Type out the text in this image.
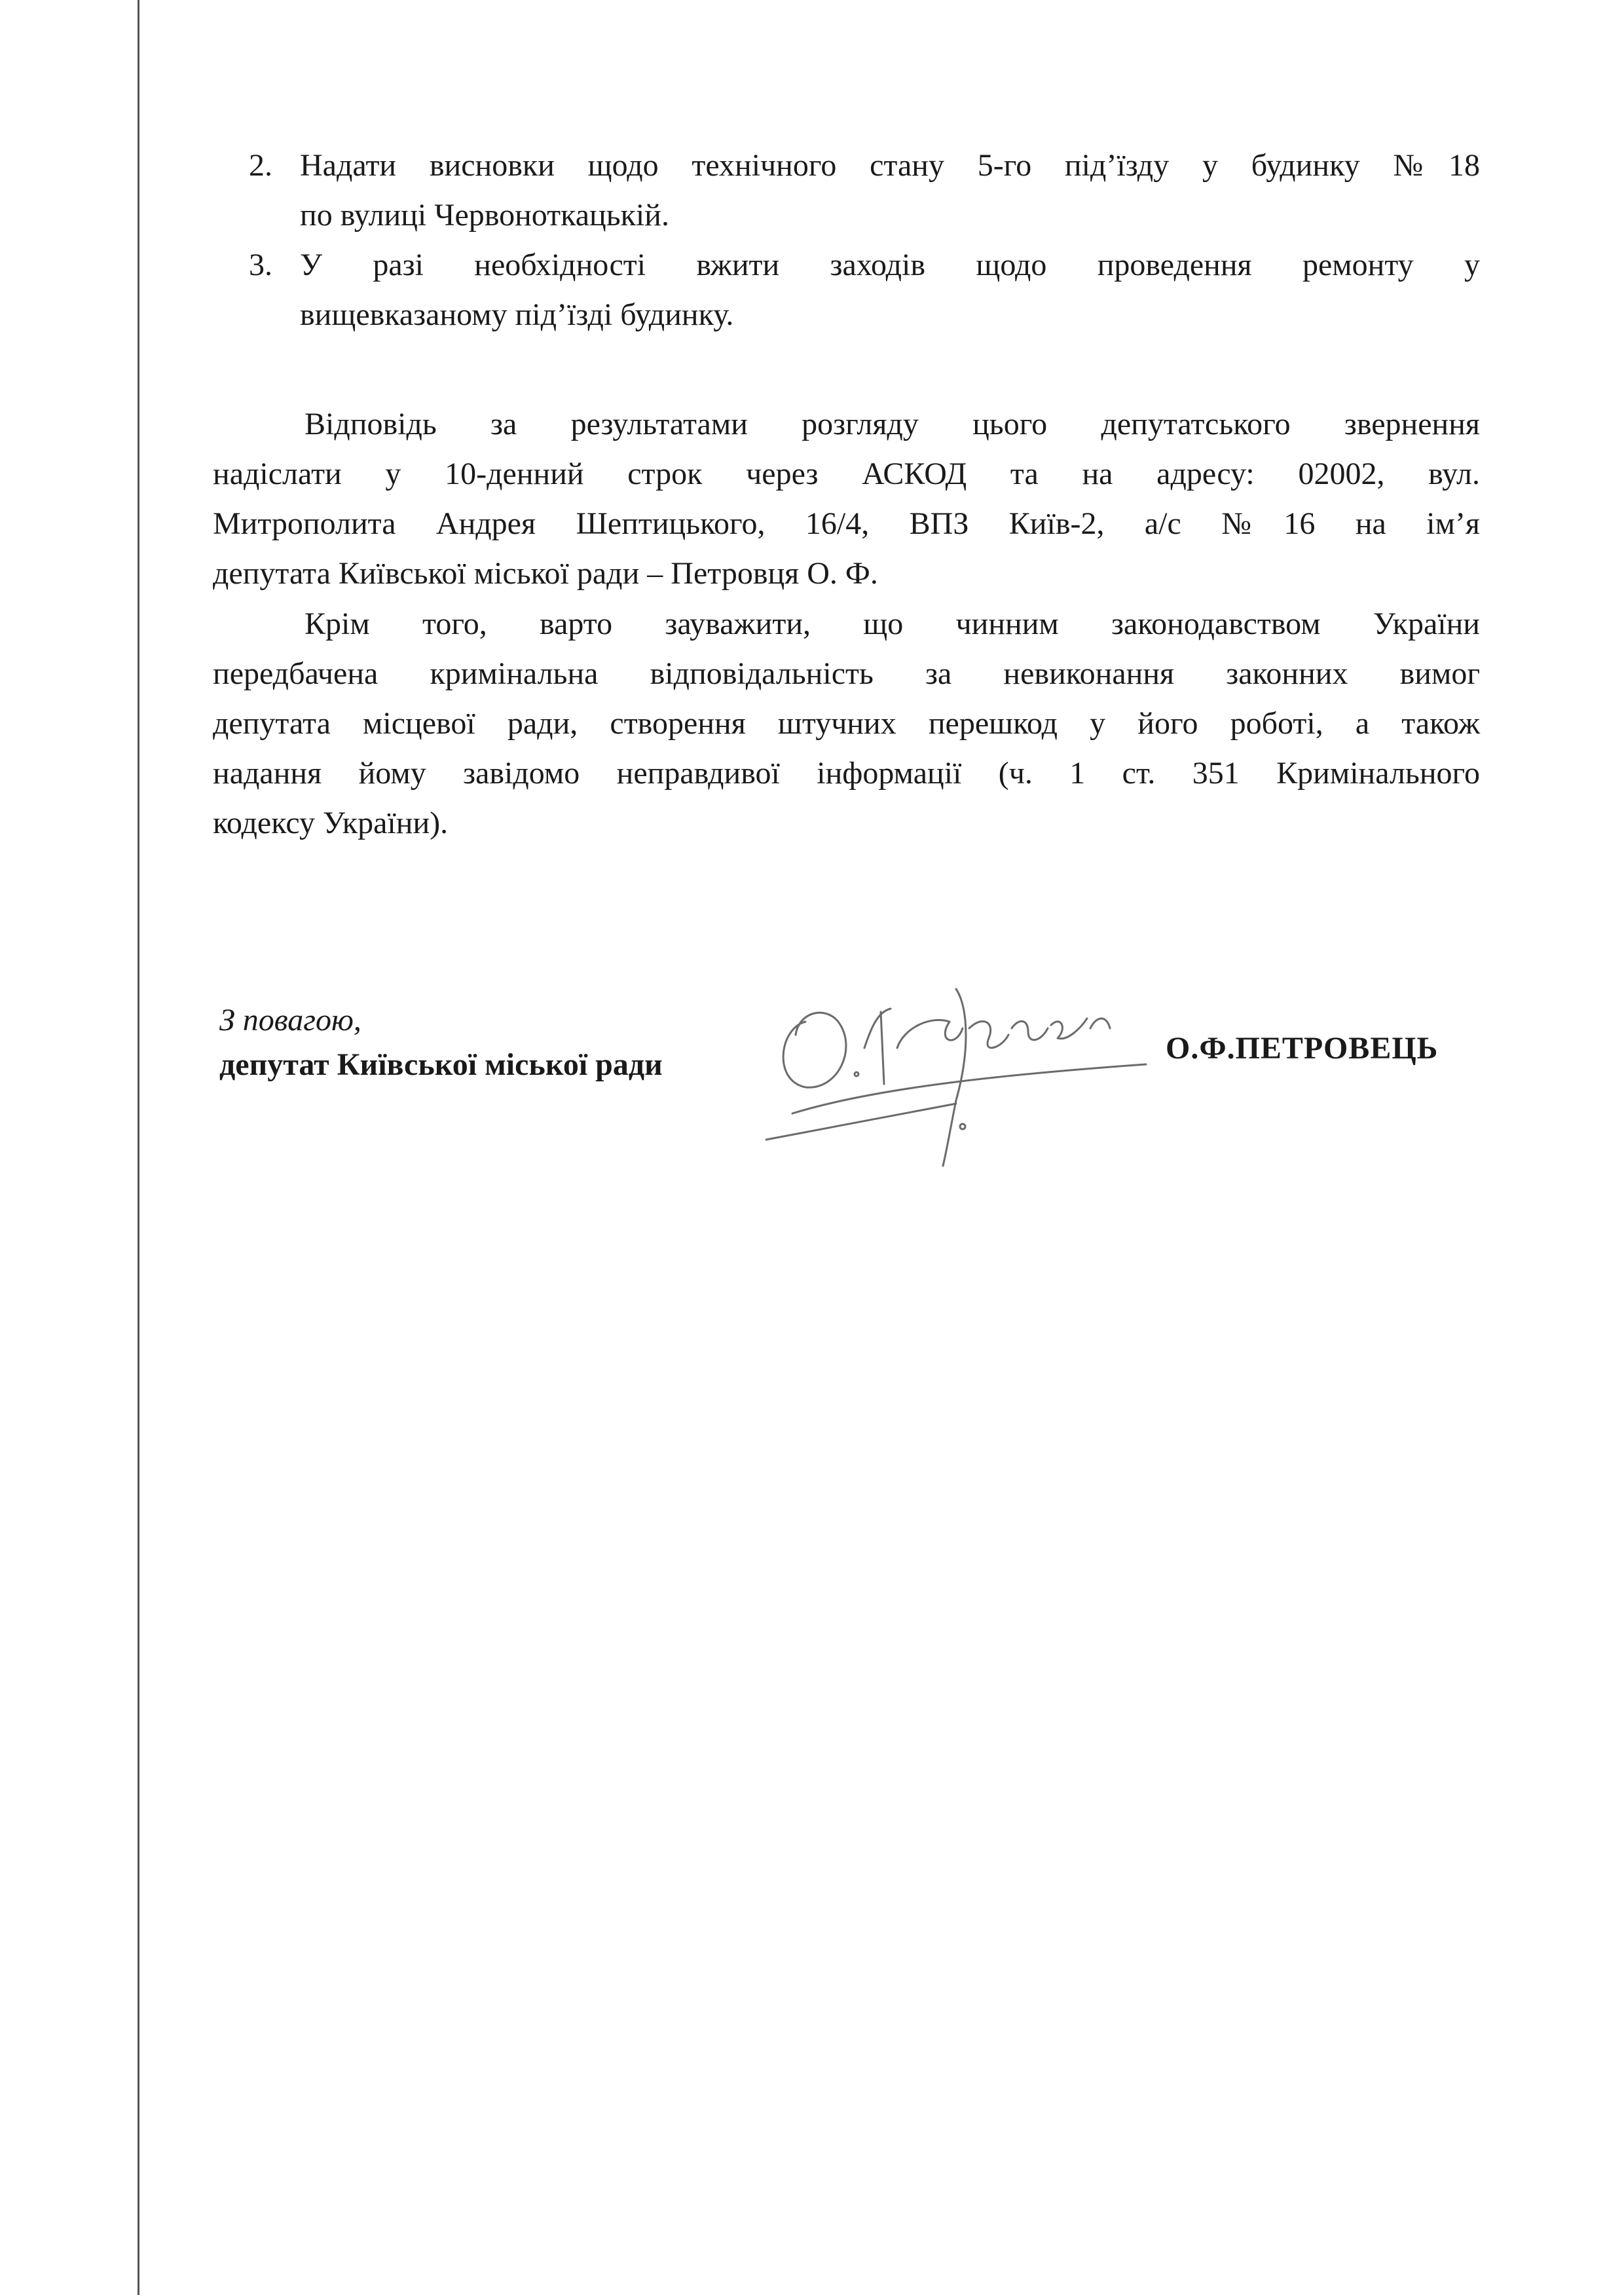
2. Надати висновки щодо технічного стану 5-го під’їзду у будинку №18
по вулиці Червоноткацькій.
3. У разі необхідності вжити заходів щодо проведення ремонту у
вищевказаному під’їзді будинку.

Відповідь за результатами розгляду цього депутатського звернення
надіслати у 10-денний строк через АСКОД та на адресу: 02002, вул.
Митрополита Андрея Шептицького, 16/4, ВПЗ Київ-2, а/с №16 на ім’я
депутата Київської міської ради – Петровця О. Ф.

Крім того, варто зауважити, що чинним законодавством України
передбачена кримінальна відповідальність за невиконання законних вимог
депутата місцевої ради, створення штучних перешкод у його роботі, а також
надання йому завідомо неправдивої інформації (ч. 1 ст. 351 Кримінального
кодексу України).

З повагою,
депутат Київської міської ради	О.Ф.ПЕТРОВЕЦЬ
